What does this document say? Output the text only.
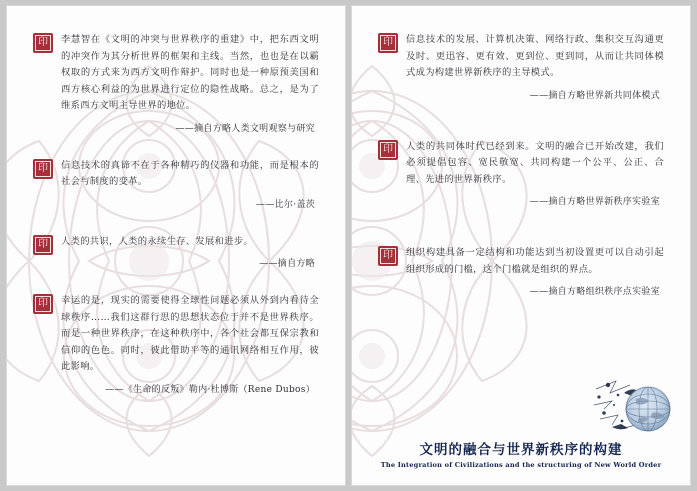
印	李慧智在《文明的冲突与世界秩序的重建》中，把东西文明的冲突作为其分析世界的框架和主线。当然，也也是在以霸权取的方式来为西方文明作辩护。同时也是一种原预美国和西方核心利益的为世界进行定位的隐性战略。总之，是为了维系西方文明主导世界的地位。
——摘自方略人类文明观察与研究
印	信息技术的真谛不在于各种精巧的仪器和功能，而是根本的社会与制度的变革。
——比尔·盖茨
印	人类的共识，人类的永续生存、发展和进步。
——摘自方略
印	幸运的是，现实的需要使得全球性问题必须从外到内看待全球秩序……我们这群行思的思想状态位于并不是世界秩序。而是一种世界秩序，在这种秩序中，各个社会都互保宗教和信仰的色色。同时，彼此借助平等的通讯网络相互作用，彼此影响。
——《生命的反叛》勒内·杜博斯（Rene Dubos）
印	信息技术的发展、计算机决策、网络行政、集积交互沟通更及时、更迅容、更有效、更到位、更到同，从而让共同体模式成为构建世界新秩序的主导模式。
——摘自方略世界新共同体模式
印	人类的共同体时代已经到来。文明的融合已开始改建，我们必须提倡包容、宽民敬宽、共同构建一个公平、公正、合理、先进的世界新秩序。
——摘自方略世界新秩序实验室
印	组织构建具备一定结构和功能达到当初设置更可以自动引起组织形成的门槛，这个门槛就是组织的界点。
——摘自方略组织秩序点实验室
文明的融合与世界新秩序的构建
The Integration of Civilizations and the structuring of New World Order
